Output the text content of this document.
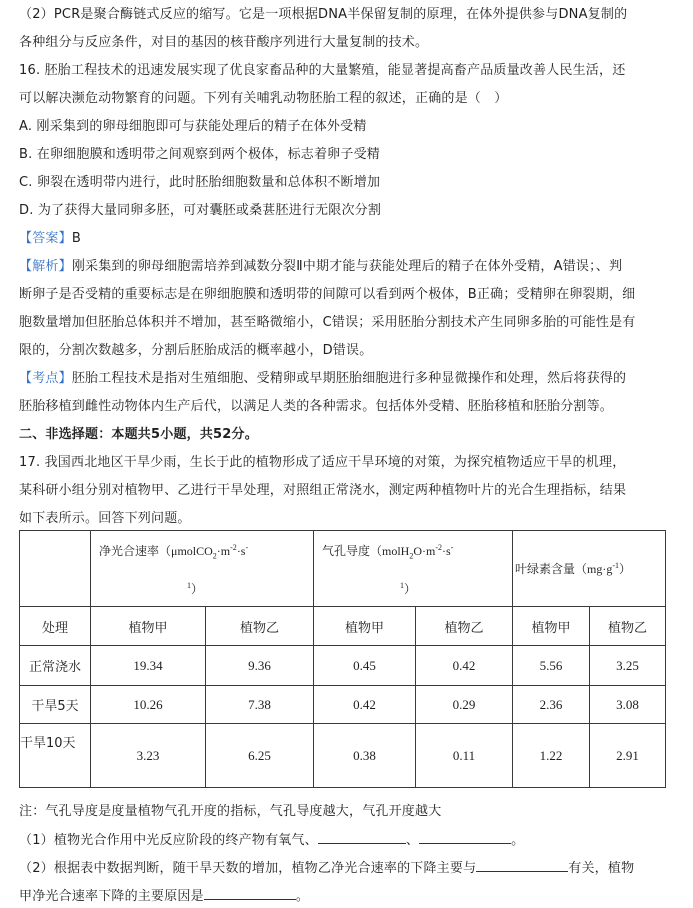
（2）PCR是聚合酶链式反应的缩写。它是一项根据DNA半保留复制的原理，在体外提供参与DNA复制的
各种组分与反应条件，对目的基因的核苷酸序列进行大量复制的技术。
16. 胚胎工程技术的迅速发展实现了优良家畜品种的大量繁殖，能显著提高畜产品质量改善人民生活，还
可以解决濒危动物繁育的问题。下列有关哺乳动物胚胎工程的叙述，正确的是（　）
A. 刚采集到的卵母细胞即可与获能处理后的精子在体外受精
B. 在卵细胞膜和透明带之间观察到两个极体，标志着卵子受精
C. 卵裂在透明带内进行，此时胚胎细胞数量和总体积不断增加
D. 为了获得大量同卵多胚，可对囊胚或桑葚胚进行无限次分割
【答案】B
【解析】刚采集到的卵母细胞需培养到减数分裂Ⅱ中期才能与获能处理后的精子在体外受精，A错误；、判
断卵子是否受精的重要标志是在卵细胞膜和透明带的间隙可以看到两个极体，B正确；受精卵在卵裂期，细
胞数量增加但胚胎总体积并不增加，甚至略微缩小，C错误；采用胚胎分割技术产生同卵多胎的可能性是有
限的，分割次数越多，分割后胚胎成活的概率越小，D错误。
【考点】胚胎工程技术是指对生殖细胞、受精卵或早期胚胎细胞进行多种显微操作和处理，然后将获得的
胚胎移植到雌性动物体内生产后代，以满足人类的各种需求。包括体外受精、胚胎移植和胚胎分割等。
二、非选择题：本题共5小题，共52分。
17. 我国西北地区干旱少雨，生长于此的植物形成了适应干旱环境的对策，为探究植物适应干旱的机理，
某科研小组分别对植物甲、乙进行干旱处理，对照组正常浇水，测定两种植物叶片的光合生理指标，结果
如下表所示。回答下列问题。
	净光合速率（$\mu molCO_2\cdot m^{-2}\cdot s^-$
$^1$）		气孔导度（$molH_2O\cdot m^{-2}\cdot s^-$
$^1$）		叶绿素含量$(mg\cdot g^{-1})$	
处理	植物甲	植物乙	植物甲	植物乙	植物甲	植物乙
正常浇水	19.34	9.36	0.45	0.42	5.56	3.25
干旱5天	10.26	7.38	0.42	0.29	2.36	3.08
干旱10天	3.23	6.25	0.38	0.11	1.22	2.91
注：气孔导度是度量植物气孔开度的指标，气孔导度越大，气孔开度越大
（1）植物光合作用中光反应阶段的终产物有氧气、	、	。
（2）根据表中数据判断，随干旱天数的增加，植物乙净光合速率的下降主要与	有关，植物
甲净光合速率下降的主要原因是	。
